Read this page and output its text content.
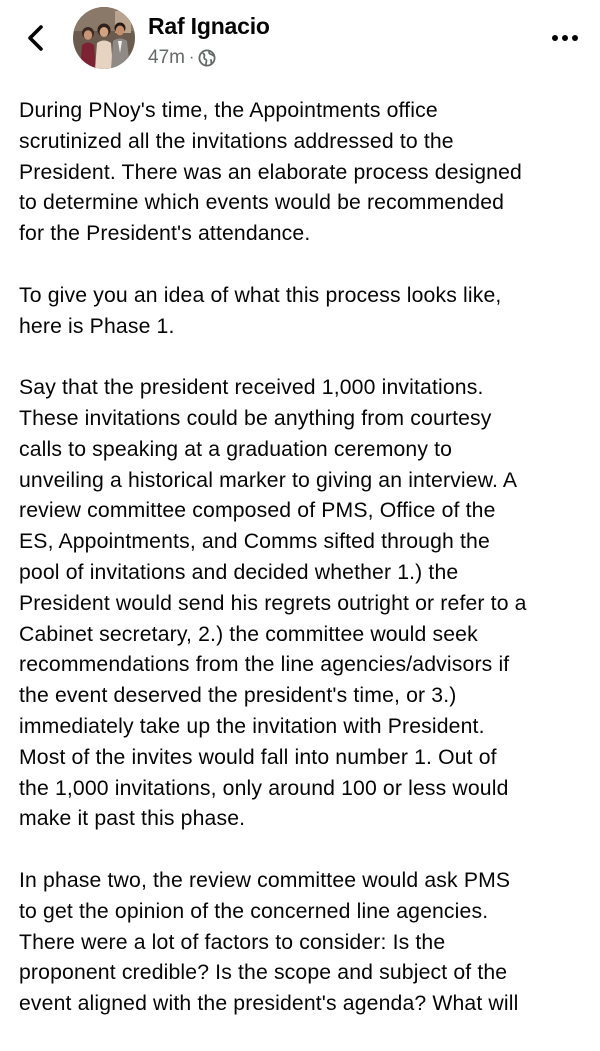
Raf Ignacio
47m ·

During PNoy's time, the Appointments office
scrutinized all the invitations addressed to the
President. There was an elaborate process designed
to determine which events would be recommended
for the President's attendance.

To give you an idea of what this process looks like,
here is Phase 1.

Say that the president received 1,000 invitations.
These invitations could be anything from courtesy
calls to speaking at a graduation ceremony to
unveiling a historical marker to giving an interview. A
review committee composed of PMS, Office of the
ES, Appointments, and Comms sifted through the
pool of invitations and decided whether 1.) the
President would send his regrets outright or refer to a
Cabinet secretary, 2.) the committee would seek
recommendations from the line agencies/advisors if
the event deserved the president's time, or 3.)
immediately take up the invitation with President.
Most of the invites would fall into number 1. Out of
the 1,000 invitations, only around 100 or less would
make it past this phase.

In phase two, the review committee would ask PMS
to get the opinion of the concerned line agencies.
There were a lot of factors to consider: Is the
proponent credible? Is the scope and subject of the
event aligned with the president's agenda? What will
